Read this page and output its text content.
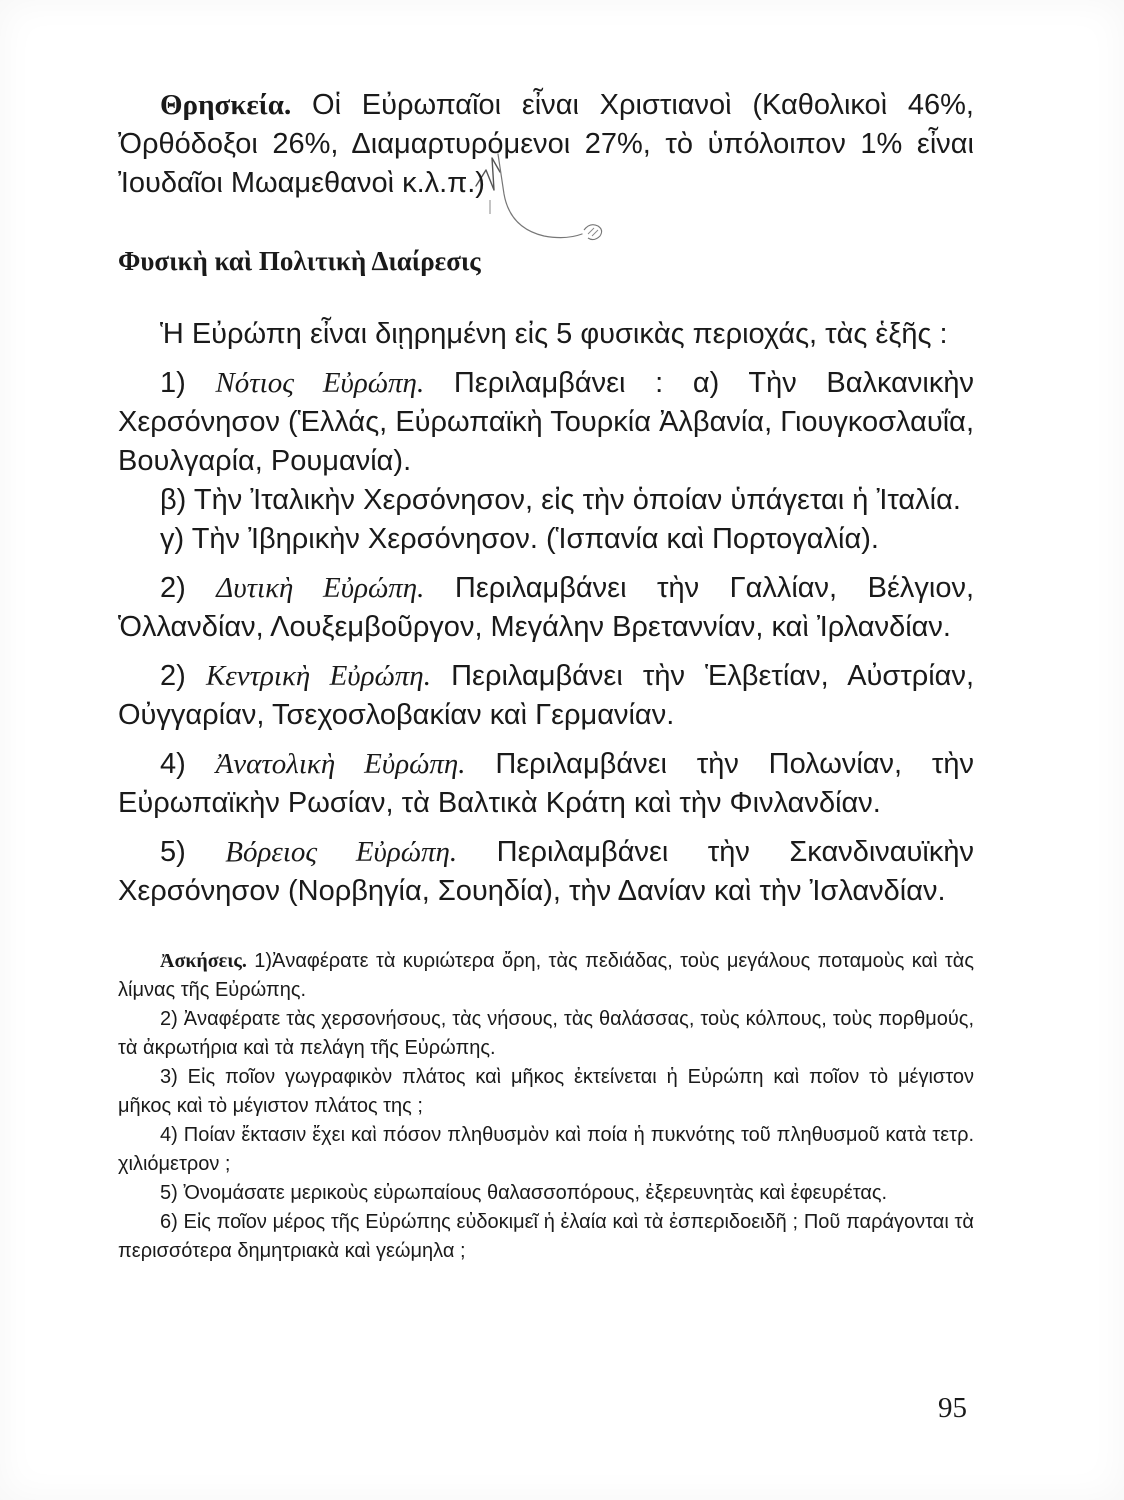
Θρησκεία. Οἱ Εὐρωπαῖοι εἶναι Χριστιανοὶ (Καθολικοὶ 46%, Ὀρθόδοξοι 26%, Διαμαρτυρόμενοι 27%, τὸ ὑπόλοιπον 1% εἶναι Ἰουδαῖοι Μωαμεθανοὶ κ.λ.π.)

Φυσικὴ καὶ Πολιτικὴ Διαίρεσις

Ἡ Εὐρώπη εἶναι διῃρημένη εἰς 5 φυσικὰς περιοχάς, τὰς ἑξῆς :

1) Νότιος Εὐρώπη. Περιλαμβάνει : α) Τὴν Βαλκανικὴν Χερσόνησον (Ἑλλάς, Εὐρωπαϊκὴ Τουρκία Ἀλβανία, Γιουγκοσλαυΐα, Βουλγαρία, Ρουμανία).

β) Τὴν Ἰταλικὴν Χερσόνησον, εἰς τὴν ὁποίαν ὑπάγεται ἡ Ἰταλία.

γ) Τὴν Ἰβηρικὴν Χερσόνησον. (Ἱσπανία καὶ Πορτογαλία).

2) Δυτικὴ Εὐρώπη. Περιλαμβάνει τὴν Γαλλίαν, Βέλγιον, Ὁλλανδίαν, Λουξεμβοῦργον, Μεγάλην Βρεταννίαν, καὶ Ἰρλανδίαν.

2) Κεντρικὴ Εὐρώπη. Περιλαμβάνει τὴν Ἑλβετίαν, Αὐστρίαν, Οὐγγαρίαν, Τσεχοσλοβακίαν καὶ Γερμανίαν.

4) Ἀνατολικὴ Εὐρώπη. Περιλαμβάνει τὴν Πολωνίαν, τὴν Εὐρωπαϊκὴν Ρωσίαν, τὰ Βαλτικὰ Κράτη καὶ τὴν Φινλανδίαν.

5) Βόρειος Εὐρώπη. Περιλαμβάνει τὴν Σκανδιναυϊκὴν Χερσόνησον (Νορβηγία, Σουηδία), τὴν Δανίαν καὶ τὴν Ἰσλανδίαν.

Ἀσκήσεις. 1)Ἀναφέρατε τὰ κυριώτερα ὄρη, τὰς πεδιάδας, τοὺς μεγάλους ποταμοὺς καὶ τὰς λίμνας τῆς Εὐρώπης.

2) Ἀναφέρατε τὰς χερσονήσους, τὰς νήσους, τὰς θαλάσσας, τοὺς κόλπους, τοὺς πορθμούς, τὰ ἀκρωτήρια καὶ τὰ πελάγη τῆς Εὐρώπης.

3) Εἰς ποῖον γωγραφικὸν πλάτος καὶ μῆκος ἐκτείνεται ἡ Εὐρώπη καὶ ποῖον τὸ μέγιστον μῆκος καὶ τὸ μέγιστον πλάτος της ;

4) Ποίαν ἔκτασιν ἔχει καὶ πόσον πληθυσμὸν καὶ ποία ἡ πυκνότης τοῦ πληθυσμοῦ κατὰ τετρ. χιλιόμετρον ;

5) Ὀνομάσατε μερικοὺς εὐρωπαίους θαλασσοπόρους, ἐξερευνητὰς καὶ ἐφευρέτας.

6) Εἰς ποῖον μέρος τῆς Εὐρώπης εὐδοκιμεῖ ἡ ἐλαία καὶ τὰ ἐσπεριδοειδῆ ; Ποῦ παράγονται τὰ περισσότερα δημητριακὰ καὶ γεώμηλα ;

95
